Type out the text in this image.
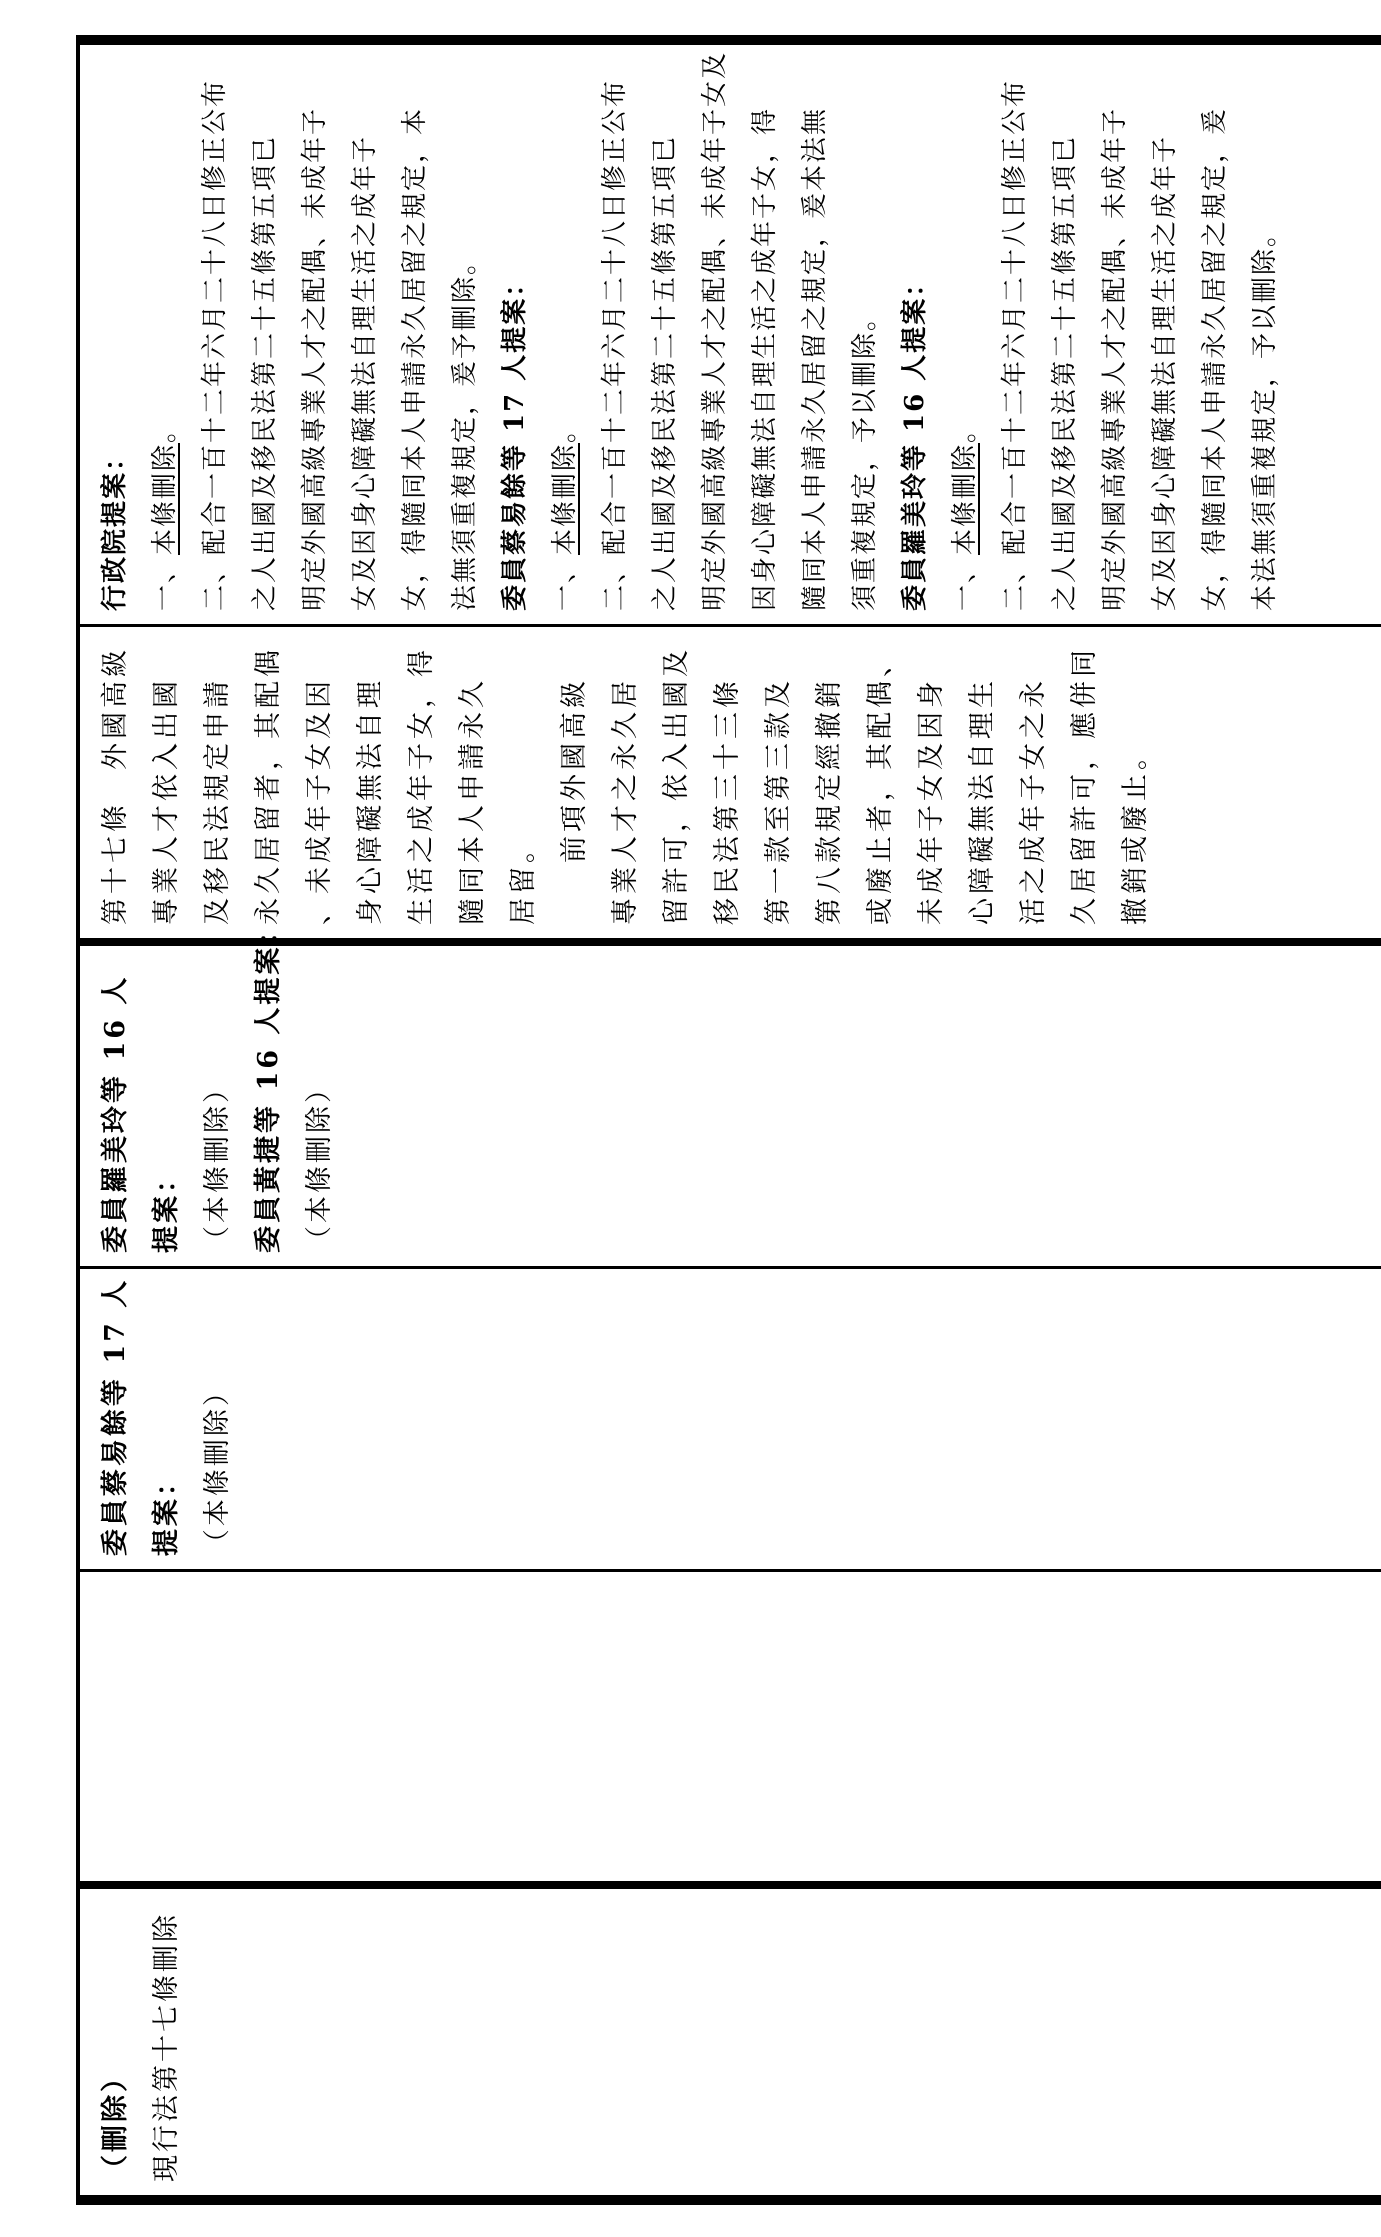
（刪除） 現行法第十七條刪除
委員蔡易餘等 17 人 提案： （本條刪除）
委員羅美玲等 16 人 提案： （本條刪除） 委員黃捷等 16 人提案： （本條刪除）
第十七條　外國高級 專業人才依入出國 及移民法規定申請 永久居留者，其配偶 、未成年子女及因 身心障礙無法自理 生活之成年子女，得 隨同本人申請永久 居留。 　　前項外國高級 專業人才之永久居 留許可，依入出國及 移民法第三十三條 第一款至第三款及 第八款規定經撤銷 或廢止者，其配偶、 未成年子女及因身 心障礙無法自理生 活之成年子女之永 久居留許可，應併同 撤銷或廢止。
行政院提案： 一、本條刪除。 二、配合一百十二年六月二十八日修正公布 之人出國及移民法第二十五條第五項已 明定外國高級專業人才之配偶、未成年子 女及因身心障礙無法自理生活之成年子 女，得隨同本人申請永久居留之規定，本 法無須重複規定，爰予刪除。 委員蔡易餘等 17 人提案： 一、本條刪除。 二、配合一百十二年六月二十八日修正公布 之人出國及移民法第二十五條第五項已 明定外國高級專業人才之配偶、未成年子女及 因身心障礙無法自理生活之成年子女，得 隨同本人申請永久居留之規定，爰本法無 須重複規定，予以刪除。 委員羅美玲等 16 人提案： 一、本條刪除。 二、配合一百十二年六月二十八日修正公布 之人出國及移民法第二十五條第五項已 明定外國高級專業人才之配偶、未成年子 女及因身心障礙無法自理生活之成年子 女，得隨同本人申請永久居留之規定，爰 本法無須重複規定，予以刪除。
